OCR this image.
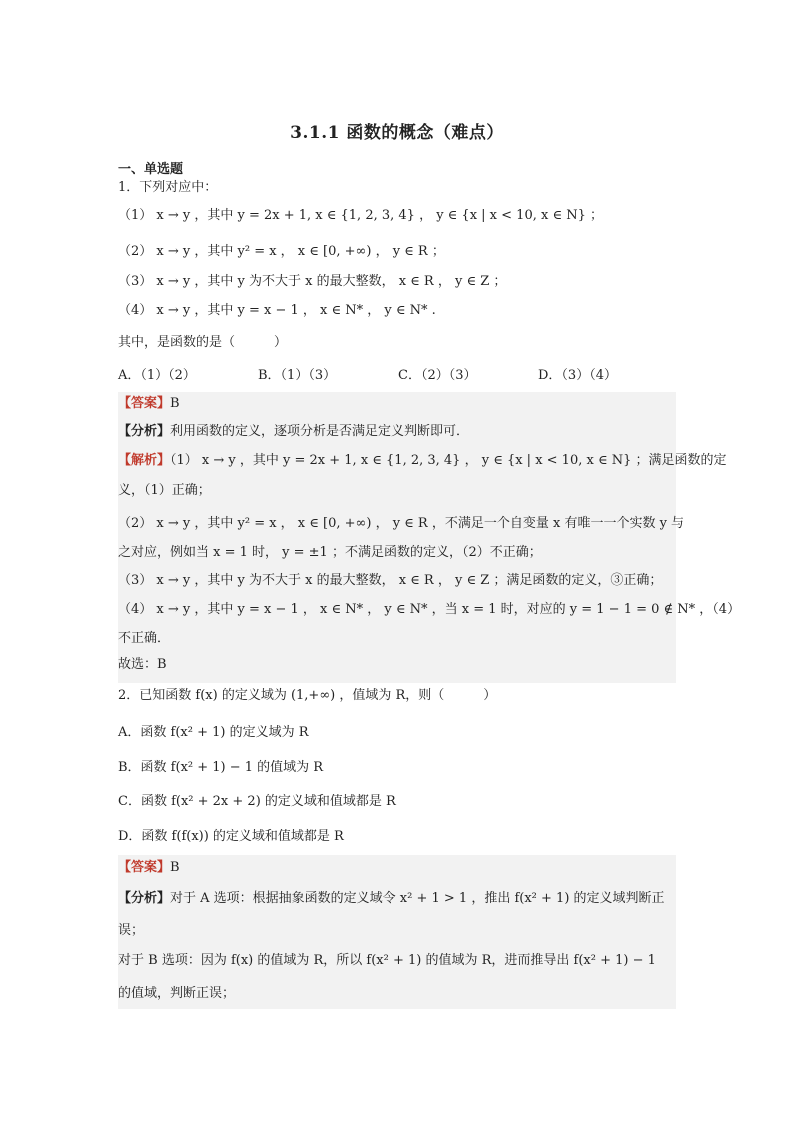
3.1.1 函数的概念（难点）
一、单选题
1．下列对应中：
（1） x → y ，其中 y = 2x + 1, x ∈ {1, 2, 3, 4} ， y ∈ {x | x < 10, x ∈ N} ；
（2） x → y ，其中 y² = x ， x ∈ [0, +∞) ， y ∈ R ；
（3） x → y ，其中 y 为不大于 x 的最大整数， x ∈ R ， y ∈ Z ；
（4） x → y ，其中 y = x − 1 ， x ∈ N* ， y ∈ N* .
其中，是函数的是（　　　）
A．（1）（2）	B．（1）（3）	C．（2）（3）	D．（3）（4）
【答案】B
【分析】利用函数的定义，逐项分析是否满足定义判断即可．
【解析】（1） x → y ，其中 y = 2x + 1, x ∈ {1, 2, 3, 4} ， y ∈ {x | x < 10, x ∈ N} ；满足函数的定
义，（1）正确；
（2） x → y ，其中 y² = x ， x ∈ [0, +∞) ， y ∈ R ，不满足一个自变量 x 有唯一一个实数 y 与
之对应，例如当 x = 1 时， y = ±1 ；不满足函数的定义，（2）不正确；
（3） x → y ，其中 y 为不大于 x 的最大整数， x ∈ R ， y ∈ Z ；满足函数的定义，③正确；
（4） x → y ，其中 y = x − 1 ， x ∈ N* ， y ∈ N* ，当 x = 1 时，对应的 y = 1 − 1 = 0 ∉ N* ，（4）
不正确．
故选：B
2．已知函数 f(x) 的定义域为 (1,+∞) ，值域为 R，则（　　　）
A．函数 f(x² + 1) 的定义域为 R
B．函数 f(x² + 1) − 1 的值域为 R
C．函数 f(x² + 2x + 2) 的定义域和值域都是 R
D．函数 f(f(x)) 的定义域和值域都是 R
【答案】B
【分析】对于 A 选项：根据抽象函数的定义域令 x² + 1 > 1 ，推出 f(x² + 1) 的定义域判断正
误；
对于 B 选项：因为 f(x) 的值域为 R，所以 f(x² + 1) 的值域为 R，进而推导出 f(x² + 1) − 1
的值域，判断正误；
